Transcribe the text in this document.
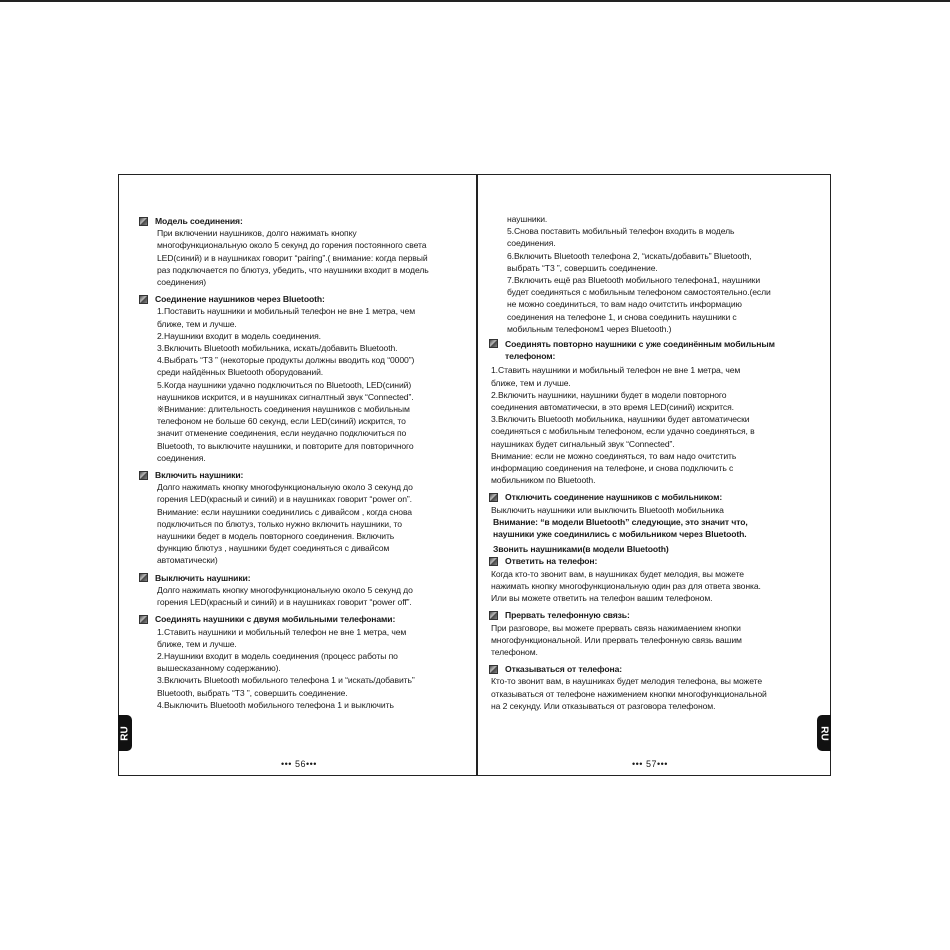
Модель соединения:
При включении наушников, долго нажимать кнопку
многофункциональную около 5 секунд до горения постоянного света
LED(синий) и в наушниках говорит “pairing”.( внимание: когда первый
раз подключается по блютуз, убедить, что наушники входит в модель
соединения)
Соединение наушников через Bluetooth:
1.Поставить наушники и мобильный телефон не вне 1 метра, чем
ближе, тем и лучше.
2.Наушники входит в модель соединения.
3.Включить Bluetooth мобильника, искать/добавить Bluetooth.
4.Выбрать “T3 ” (некоторые продукты должны вводить код “0000”)
среди найдённых Bluetooth оборудований.
5.Когда наушники удачно подключиться по Bluetooth, LED(синий)
наушников искрится, и в наушниках сигналтный звук “Connected”.
※Внимание: длительность соединения наушников с мобильным
телефоном не больше 60 секунд, если LED(синий) искрится, то
значит отменение соединения, если неудачно подключиться по
Bluetooth, то выключите наушники, и повторите для повторичного
соединения.
Включить наушники:
Долго нажимать кнопку многофункциональную около 3 секунд до
горения LED(красный и синий) и в наушниках говорит “power on”.
Внимание: если наушники соединились с дивайсом , когда снова
подключиться по блютуз, только нужно включить наушники, то
наушники бедет в модель повторного соединения. Включить
функцию блютуз , наушники будет соединяться с дивайсом
автоматически)
Выключить наушники:
Долго нажимать кнопку многофункциональную около 5 секунд до
горения LED(красный и синий) и в наушниках говорит “power off”.
Соединять наушники с двумя мобильными телефонами:
1.Ставить наушники и мобильный телефон не вне 1 метра, чем
ближе, тем и лучше.
2.Наушники входит в модель соединения (процесс работы по
вышесказанному содержанию).
3.Включить Bluetooth мобильного телефона 1 и “искать/добавить”
Bluetooth, выбрать “T3 ”, совершить соединение.
4.Выключить Bluetooth мобильного телефона 1 и выключить
••• 56•••
RU
наушники.
5.Снова поставить мобильный телефон входить в модель
соединения.
6.Включить Bluetooth телефона 2, “искать/добавить” Bluetooth,
выбрать “T3 ”, совершить соединение.
7.Включить ещё раз Bluetooth мобильного телефона1, наушники
будет соединяться с мобильным телефоном самостоятельно.(если
не можно соединиться, то вам надо очитстить информацию
соединения на телефоне 1, и снова соединить наушники с
мобильным телефоном1 через Bluetooth.)
Соединять повторно наушники с уже соединённым мобильным
телефоном:
1.Ставить наушники и мобильный телефон не вне 1 метра, чем
ближе, тем и лучше.
2.Включить наушники, наушники будет в модели повторного
соединения автоматически, в это время LED(синий) искрится.
3.Включить Bluetooth мобильника, наушники будет автоматически
соединяться с мобильным телефоном, если удачно соединяться, в
наушниках будет сигнальный звук “Connected”.
Внимание: если не можно соединяться, то вам надо очитстить
информацию соединения на телефоне, и снова подключить с
мобильником по Bluetooth.
Отключить соединение наушников с мобильником:
Выключить наушники или выключить Bluetooth мобильника
Внимание: “в модели Bluetooth” следующие, это значит что,
наушники уже соединились с мобильником через Bluetooth.
Звонить наушниками(в модели Bluetooth)
Ответить на телефон:
Когда кто-то звонит вам, в наушниках будет мелодия, вы можете
нажимать кнопку многофункциональную один раз для ответа звонка.
Или вы можете ответить на телефон вашим телефоном.
Прервать телефонную связь:
При разговоре, вы можете прервать связь нажимаением кнопки
многофункциональной. Или прервать телефонную связь вашим
телефоном.
Отказываться от телефона:
Кто-то звонит вам, в наушниках будет мелодия телефона, вы можете
отказываться от телефоне нажимением кнопки многофункциональной
на 2 секунду. Или отказываться от разговора телефоном.
••• 57•••
RU
